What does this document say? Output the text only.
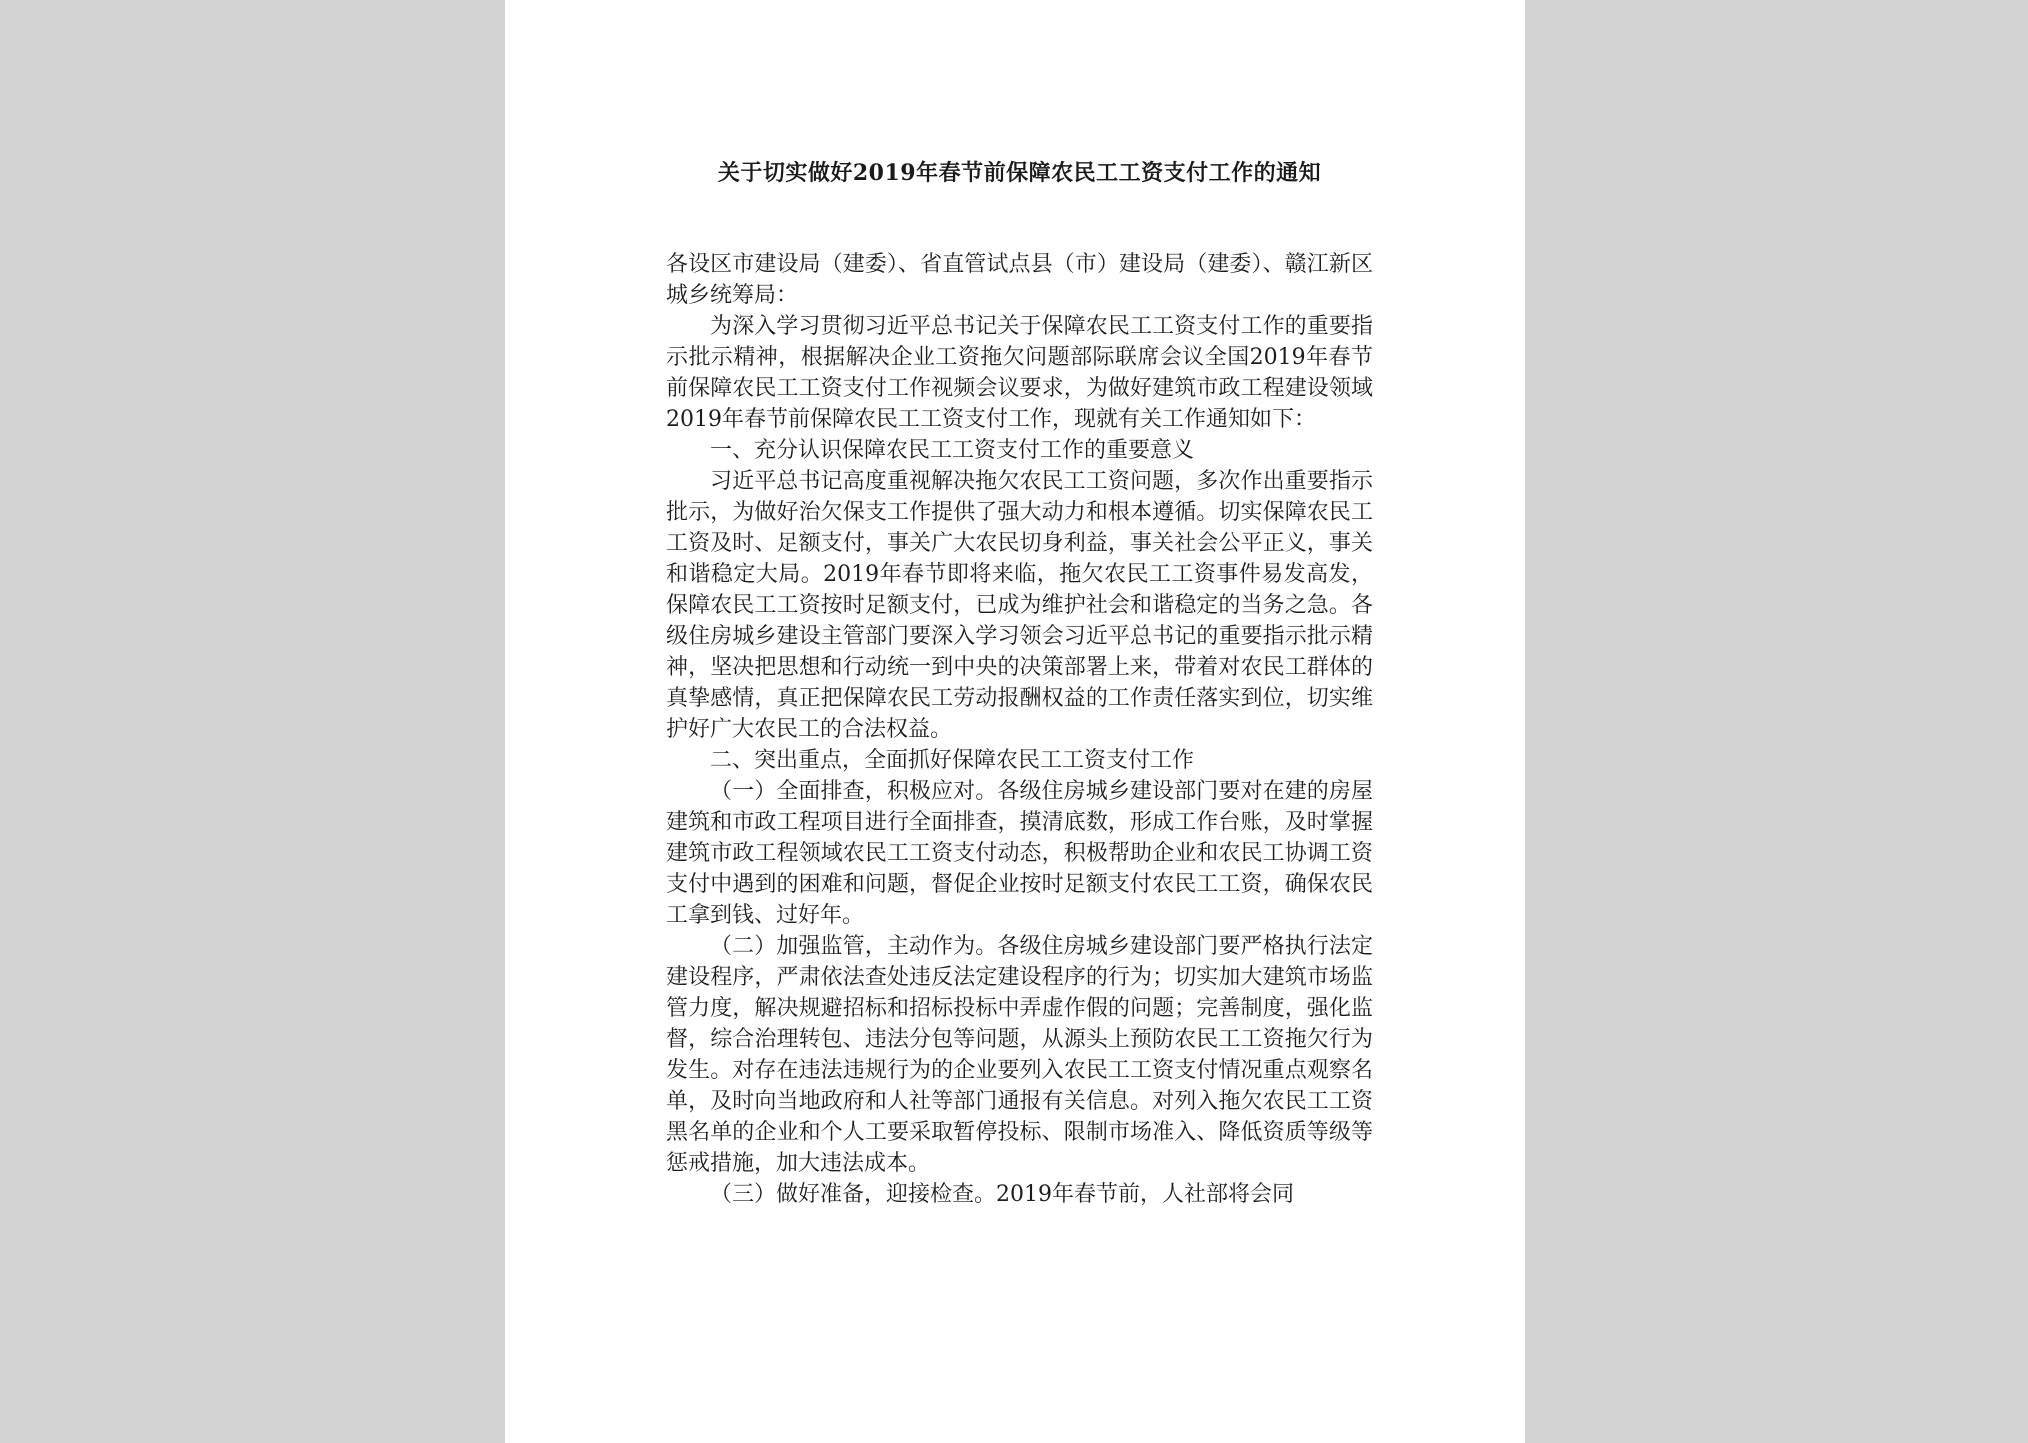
关于切实做好2019年春节前保障农民工工资支付工作的通知

各设区市建设局（建委）、省直管试点县（市）建设局（建委）、赣江新区城乡统筹局：

为深入学习贯彻习近平总书记关于保障农民工工资支付工作的重要指示批示精神，根据解决企业工资拖欠问题部际联席会议全国2019年春节前保障农民工工资支付工作视频会议要求，为做好建筑市政工程建设领域2019年春节前保障农民工工资支付工作，现就有关工作通知如下：

一、充分认识保障农民工工资支付工作的重要意义

习近平总书记高度重视解决拖欠农民工工资问题，多次作出重要指示批示，为做好治欠保支工作提供了强大动力和根本遵循。切实保障农民工工资及时、足额支付，事关广大农民切身利益，事关社会公平正义，事关和谐稳定大局。2019年春节即将来临，拖欠农民工工资事件易发高发，保障农民工工资按时足额支付，已成为维护社会和谐稳定的当务之急。各级住房城乡建设主管部门要深入学习领会习近平总书记的重要指示批示精神，坚决把思想和行动统一到中央的决策部署上来，带着对农民工群体的真挚感情，真正把保障农民工劳动报酬权益的工作责任落实到位，切实维护好广大农民工的合法权益。

二、突出重点，全面抓好保障农民工工资支付工作

（一）全面排查，积极应对。各级住房城乡建设部门要对在建的房屋建筑和市政工程项目进行全面排查，摸清底数，形成工作台账，及时掌握建筑市政工程领域农民工工资支付动态，积极帮助企业和农民工协调工资支付中遇到的困难和问题，督促企业按时足额支付农民工工资，确保农民工拿到钱、过好年。

（二）加强监管，主动作为。各级住房城乡建设部门要严格执行法定建设程序，严肃依法查处违反法定建设程序的行为；切实加大建筑市场监管力度，解决规避招标和招标投标中弄虚作假的问题；完善制度，强化监督，综合治理转包、违法分包等问题，从源头上预防农民工工资拖欠行为发生。对存在违法违规行为的企业要列入农民工工资支付情况重点观察名单，及时向当地政府和人社等部门通报有关信息。对列入拖欠农民工工资黑名单的企业和个人工要采取暂停投标、限制市场准入、降低资质等级等惩戒措施，加大违法成本。

（三）做好准备，迎接检查。2019年春节前，人社部将会同
